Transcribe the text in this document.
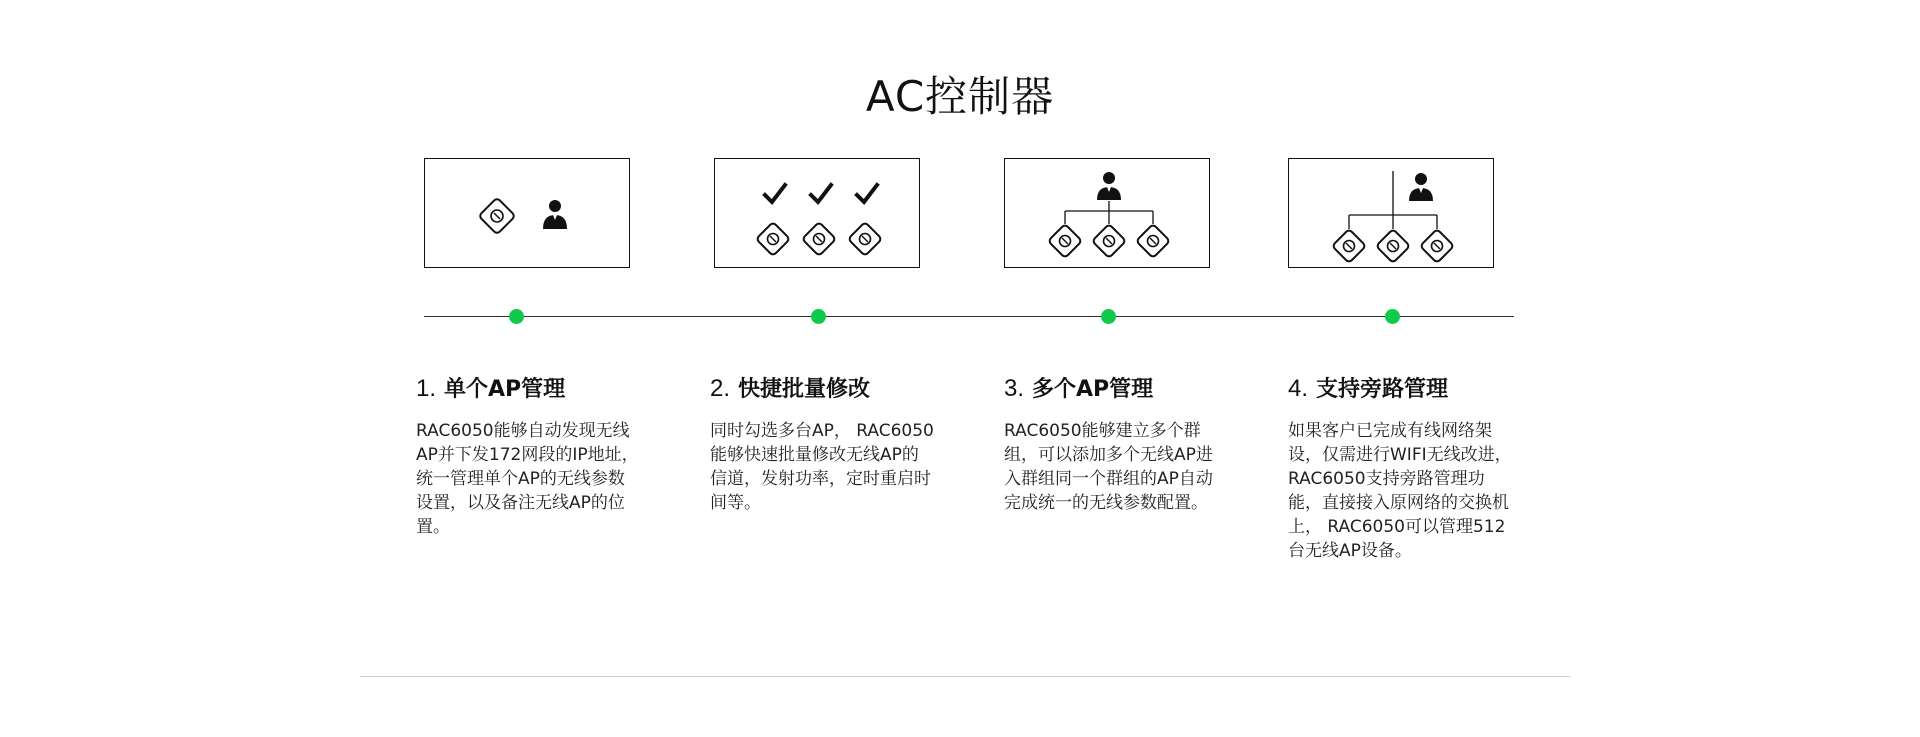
AC控制器
1. 单个AP管理

RAC6050能够自动发现无线AP并下发172网段的IP地址，统一管理单个AP的无线参数设置，以及备注无线AP的位置。

2. 快捷批量修改

同时勾选多台AP， RAC6050能够快速批量修改无线AP的信道，发射功率，定时重启时间等。

3. 多个AP管理

RAC6050能够建立多个群组，可以添加多个无线AP进入群组同一个群组的AP自动完成统一的无线参数配置。

4. 支持旁路管理

如果客户已完成有线网络架设，仅需进行WIFI无线改进， RAC6050支持旁路管理功能，直接接入原网络的交换机上， RAC6050可以管理512台无线AP设备。
